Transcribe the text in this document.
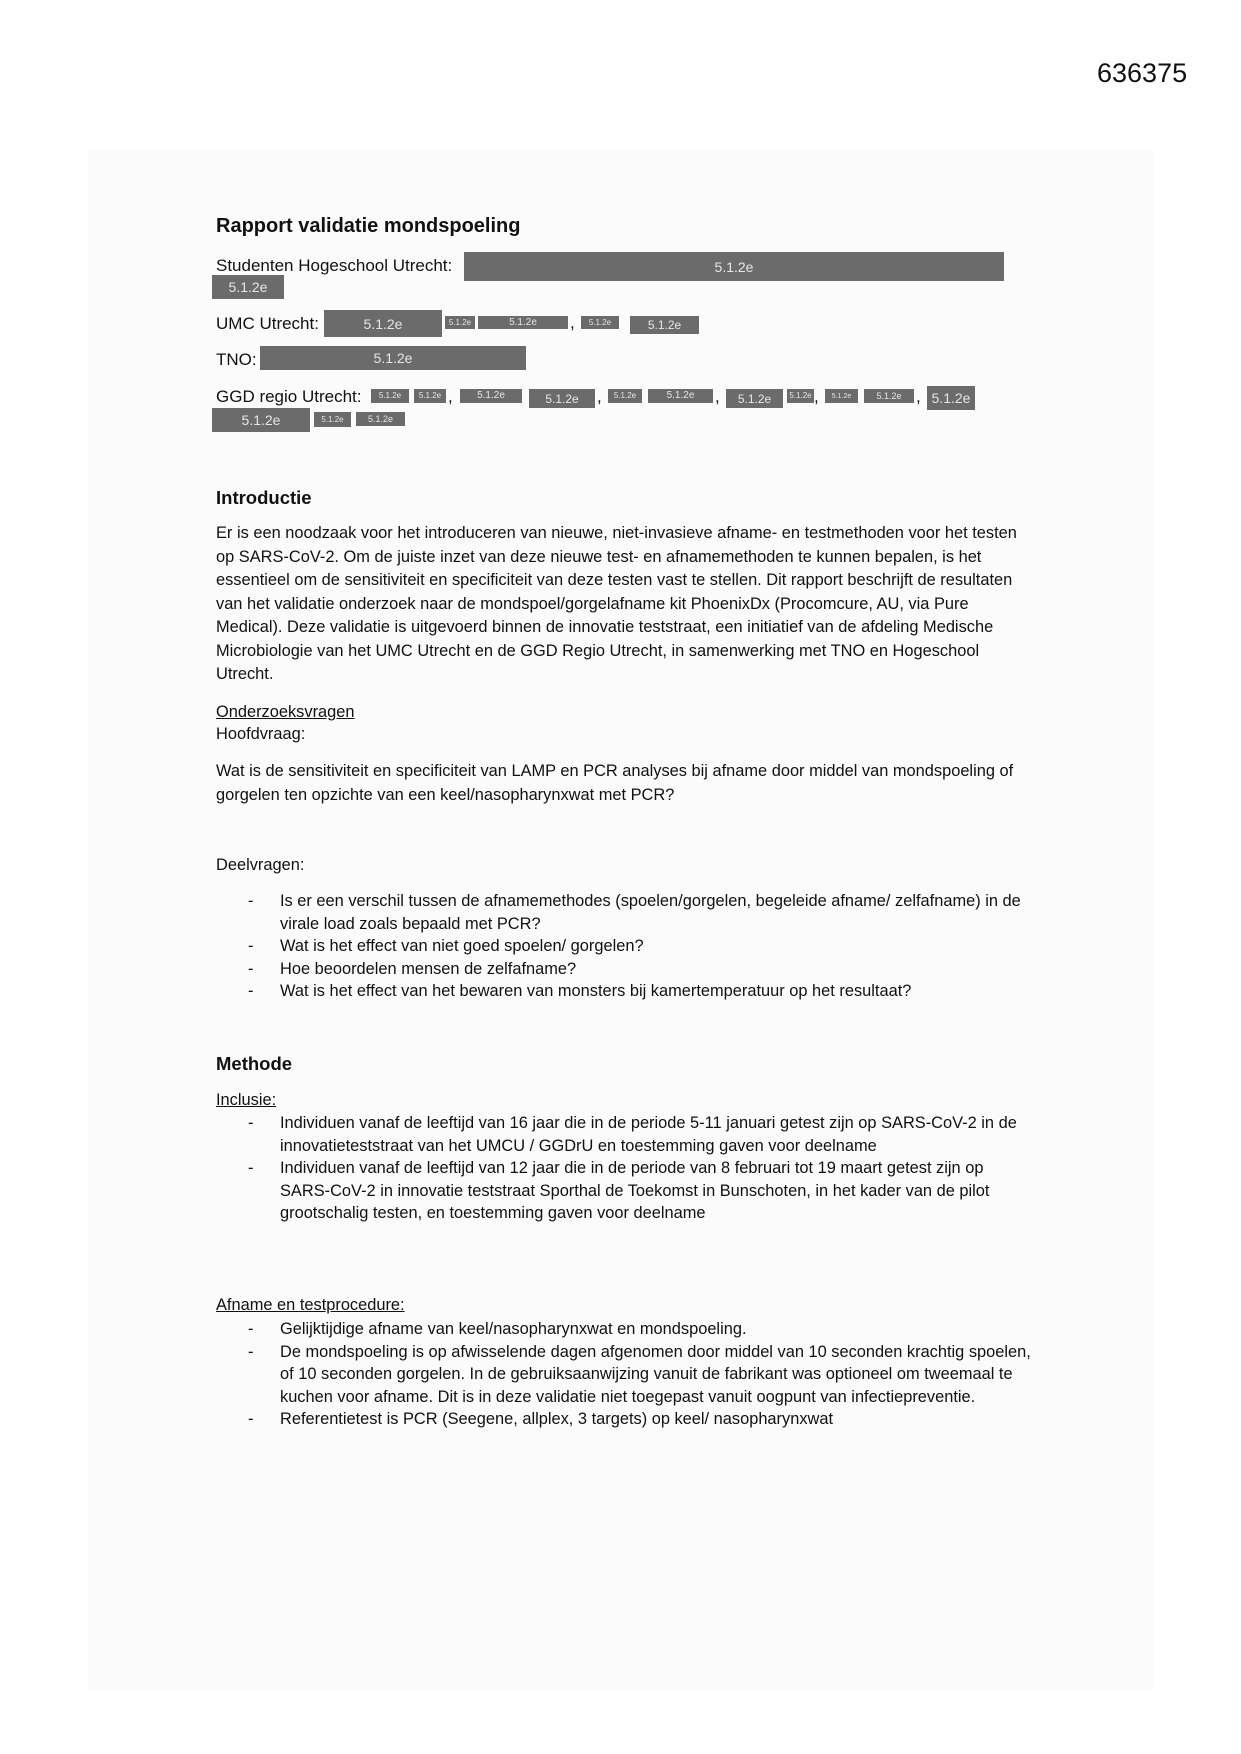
636375
Rapport validatie mondspoeling
Studenten Hogeschool Utrecht:	5.1.2e
5.1.2e
UMC Utrecht:	5.1.2e	5.1.2e	5.1.2e	,	5.1.2e	5.1.2e
TNO:	5.1.2e
GGD regio Utrecht:	5.1.2e	5.1.2e ,	5.1.2e	5.1.2e	,	5.1.2e	5.1.2e	,	5.1.2e	5.1.2e ,	5.1.2e	5.1.2e , 5.1.2e
5.1.2e	5.1.2e	5.1.2e
Introductie
Er is een noodzaak voor het introduceren van nieuwe, niet-invasieve afname- en testmethoden voor het testen op SARS-CoV-2. Om de juiste inzet van deze nieuwe test- en afnamemethoden te kunnen bepalen, is het essentieel om de sensitiviteit en specificiteit van deze testen vast te stellen. Dit rapport beschrijft de resultaten van het validatie onderzoek naar de mondspoel/gorgelafname kit PhoenixDx (Procomcure, AU, via Pure Medical). Deze validatie is uitgevoerd binnen de innovatie teststraat, een initiatief van de afdeling Medische Microbiologie van het UMC Utrecht en de GGD Regio Utrecht, in samenwerking met TNO en Hogeschool Utrecht.
Onderzoeksvragen
Hoofdvraag:
Wat is de sensitiviteit en specificiteit van LAMP en PCR analyses bij afname door middel van mondspoeling of gorgelen ten opzichte van een keel/nasopharynxwat met PCR?
Deelvragen:
- Is er een verschil tussen de afnamemethodes (spoelen/gorgelen, begeleide afname/ zelfafname) in de virale load zoals bepaald met PCR?
- Wat is het effect van niet goed spoelen/ gorgelen?
- Hoe beoordelen mensen de zelfafname?
- Wat is het effect van het bewaren van monsters bij kamertemperatuur op het resultaat?
Methode
Inclusie:
- Individuen vanaf de leeftijd van 16 jaar die in de periode 5-11 januari getest zijn op SARS-CoV-2 in de innovatieteststraat van het UMCU / GGDrU en toestemming gaven voor deelname
- Individuen vanaf de leeftijd van 12 jaar die in de periode van 8 februari tot 19 maart getest zijn op SARS-CoV-2 in innovatie teststraat Sporthal de Toekomst in Bunschoten, in het kader van de pilot grootschalig testen, en toestemming gaven voor deelname
Afname en testprocedure:
- Gelijktijdige afname van keel/nasopharynxwat en mondspoeling.
- De mondspoeling is op afwisselende dagen afgenomen door middel van 10 seconden krachtig spoelen, of 10 seconden gorgelen. In de gebruiksaanwijzing vanuit de fabrikant was optioneel om tweemaal te kuchen voor afname. Dit is in deze validatie niet toegepast vanuit oogpunt van infectiepreventie.
- Referentietest is PCR (Seegene, allplex, 3 targets) op keel/ nasopharynxwat
